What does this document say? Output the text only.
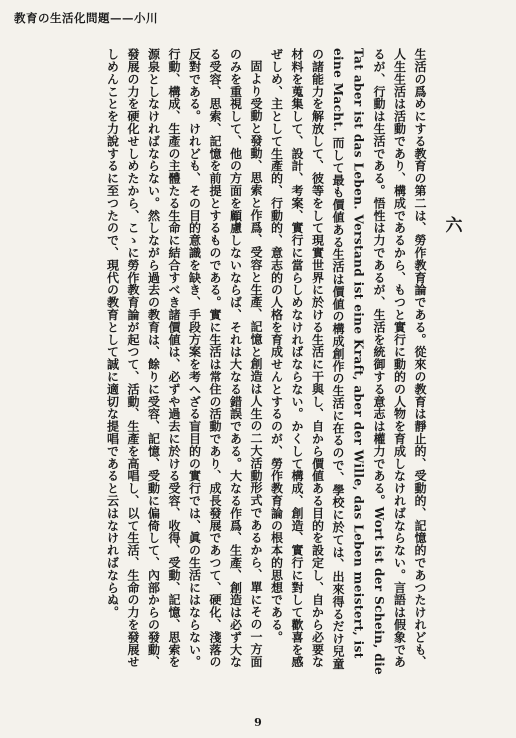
教育の生活化問題——小川
六

生活の爲めにする教育の第二は、勞作教育論である。從來の教育は靜止的、受動的、記憶的であつたけれども、人生生活は活動であり、構成であるから、もつと實行に動的の人物を育成しなければならない。言語は假象であるが、行動は生活である。悟性は力であるが、生活を統御する意志は權力である。Wort ist der Schein, die Tat aber ist das Leben. Verstand ist eine Kraft, aber der Wille, das Leben meistert, ist eine Macht. 而して最も價値ある生活は價値の構成創作の生活に在るので、學校に於ては、出來得るだけ兒童の諸能力を解放して、彼等をして現實世界に於ける生活に干與し、自から價値ある目的を設定し、自から必要な材料を蒐集して、設計、考案、實行に當らしめなければならない。かくして構成、創造、實行に對して歡喜を感ぜしめ、主として生產的、行動的、意志的の人格を育成せんとするのが、勞作教育論の根本的思想である。

固より受動と發動、思索と作爲、受容と生產、記憶と創造は人生の二大活動形式であるから、單にその一方面のみを重視して、他の方面を顧慮しないならば、それは大なる錯誤である。大なる作爲、生產、創造は必ず大なる受容、思索、記憶を前提とするものである。實に生活は常住の活動であり、成長發展であつて、硬化、淺落の反對である。けれども、その目的意識を缺き、手段方案を考へざる盲目的の實行では、眞の生活にはならない。行動、構成、生產の主體たる生命に結合すべき諸價値は、必ずや過去に於ける受容、收得、受動、記憶、思索を源泉としなければならない。然しながら過去の教育は、餘りに受容、記憶、受動に偏倚して、內部からの發動、發展の力を硬化せしめたから、こゝに勞作教育論が起つて、活動、生產を高唱し、以て生活、生命の力を發展せしめんことを力說するに至つたので、現代の教育として誠に適切な提唱であると云はなければならぬ。

9
